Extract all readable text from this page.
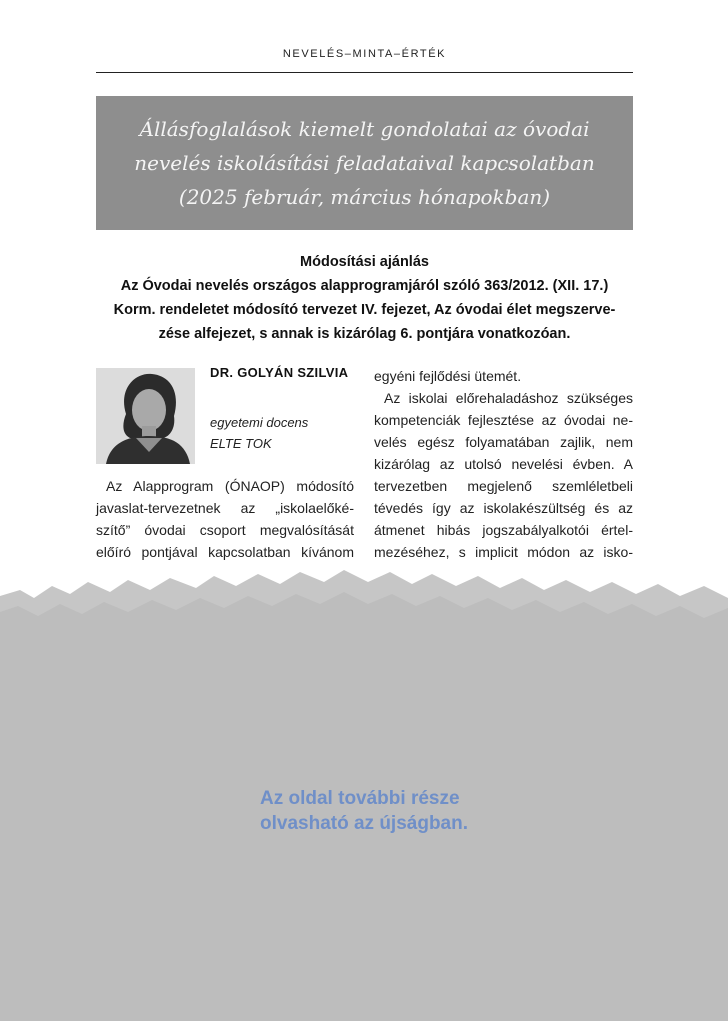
NEVELÉS–MINTA–ÉRTÉK
Állásfoglalások kiemelt gondolatai az óvodai
nevelés iskolásítási feladataival kapcsolatban
(2025 február, március hónapokban)
Módosítási ajánlás
Az Óvodai nevelés országos alapprogramjáról szóló 363/2012. (XII. 17.)
Korm. rendeletet módosító tervezet IV. fejezet, Az óvodai élet megszerve-
zése alfejezet, s annak is kizárólag 6. pontjára vonatkozóan.
DR. GOLYÁN SZILVIA
egyetemi docens
ELTE TOK
Az Alapprogram (ÓNAOP) módosító
javaslat-tervezetnek az „iskolaelőké-
szítő” óvodai csoport megvalósítását
előíró pontjával kapcsolatban kívánom
egyéni fejlődési ütemét.
Az iskolai előrehaladáshoz szükséges
kompetenciák fejlesztése az óvodai ne-
velés egész folyamatában zajlik, nem
kizárólag az utolsó nevelési évben. A
tervezetben megjelenő szemléletbeli
tévedés így az iskolakészültség és az
átmenet hibás jogszabályalkotói értel-
mezéséhez, s implicit módon az isko-
Az oldal további része
olvasható az újságban.
